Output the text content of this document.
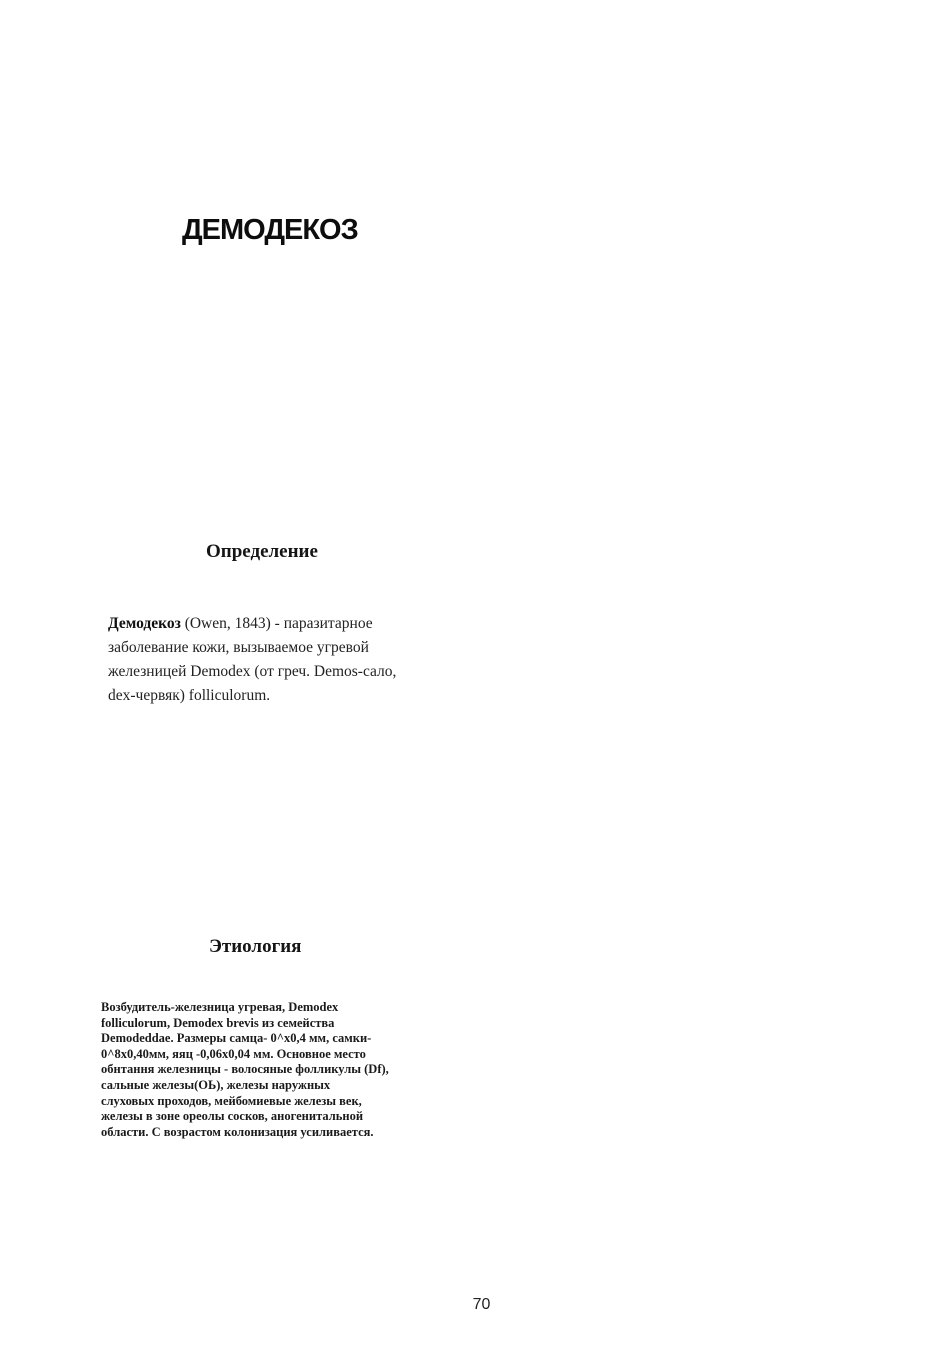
ДЕМОДЕКОЗ
Определение
Демодекоз (Owen, 1843) - паразитарное
заболевание кожи, вызываемое угревой
железницей Demodex (от греч. Demos-сало,
dex-червяк) folliculorum.
Этиология
Возбудитель-железница угревая, Demodex
folliculorum, Demodex brevis из семейства
Demodeddae. Размеры самца- 0^x0,4 мм, самки-
0^8x0,40мм, яяц -0,06x0,04 мм. Основное место
обнтання железницы - волосяные фолликулы (Df),
сальные железы(ОЬ), железы наружных
слуховых проходов, мейбомиевые железы век,
железы в зоне ореолы сосков, аногенитальной
области. С возрастом колонизация усиливается.
70
